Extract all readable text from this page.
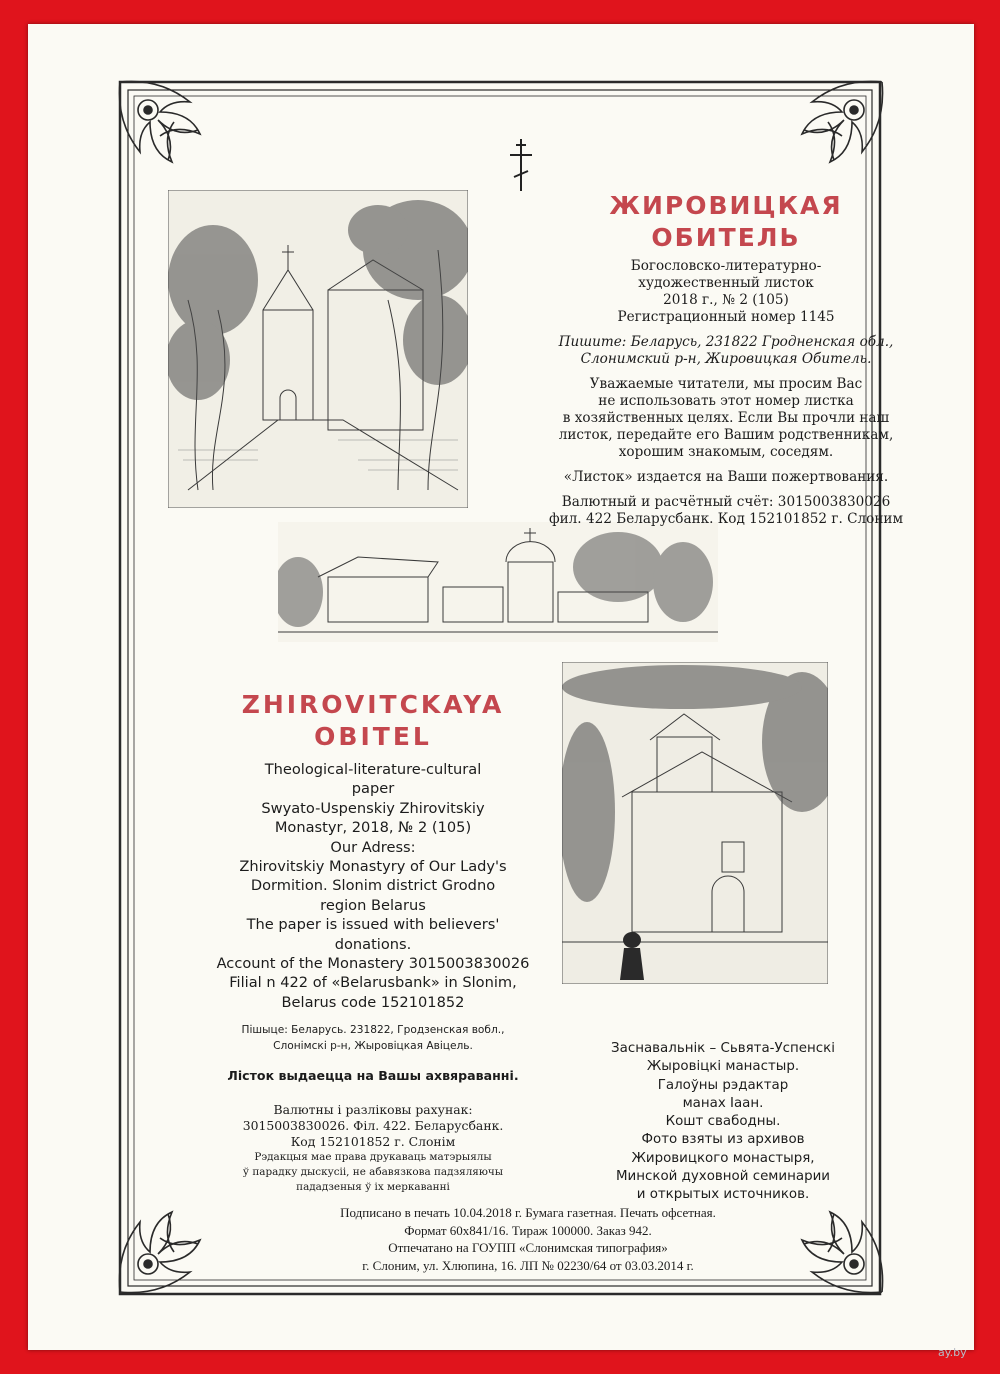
ЖИРОВИЦКАЯ
ОБИТЕЛЬ
Богословско-литературно-
художественный листок
2018 г., № 2 (105)
Регистрационный номер 1145
Пишите: Беларусь, 231822 Гродненская обл.,
Слонимский р-н, Жировицкая Обитель.
Уважаемые читатели, мы просим Вас
не использовать этот номер листка
в хозяйственных целях. Если Вы прочли наш
листок, передайте его Вашим родственникам,
хорошим знакомым, соседям.
«Листок» издается на Ваши пожертвования.
Валютный и расчётный счёт: 3015003830026
фил. 422 Беларусбанк. Код 152101852 г. Слоним
ZHIROVITCKAYA
OBITEL
Theological-literature-cultural
paper
Swyato-Uspenskiy Zhirovitskiy
Monastyr, 2018, № 2 (105)
Our Adress:
Zhirovitskiy Monastyry of Our Lady's
Dormition. Slonim district Grodno
region Belarus
The paper is issued with believers'
donations.
Account of the Monastery 3015003830026
Filial n 422 of «Belarusbank» in Slonim,
Belarus code 152101852
Пішыце: Беларусь. 231822, Гродзенская вобл.,
Слонімскі р-н, Жыровіцкая Авіцель.
Лісток выдаецца на Вашы ахвяраванні.
Валютны і разліковы рахунак:
3015003830026. Філ. 422. Беларусбанк.
Код 152101852 г. Слонім
Рэдакцыя мае права друкаваць матэрыялы
ў парадку дыскусіі, не абавязкова падзяляючы
пададзеныя ў іх меркаванні
Заснавальнік – Сьвята-Успенскі
Жыровіцкі манастыр.
Галоўны рэдактар
манах Іаан.
Кошт свабодны.
Фото взяты из архивов
Жировицкого монастыря,
Минской духовной семинарии
и открытых источников.
Подписано в печать 10.04.2018 г. Бумага газетная. Печать офсетная.
Формат 60х841/16. Тираж 100000. Заказ 942.
Отпечатано на ГОУПП «Слонимская типография»
г. Слоним, ул. Хлюпина, 16. ЛП № 02230/64 от 03.03.2014 г.
ay.by
